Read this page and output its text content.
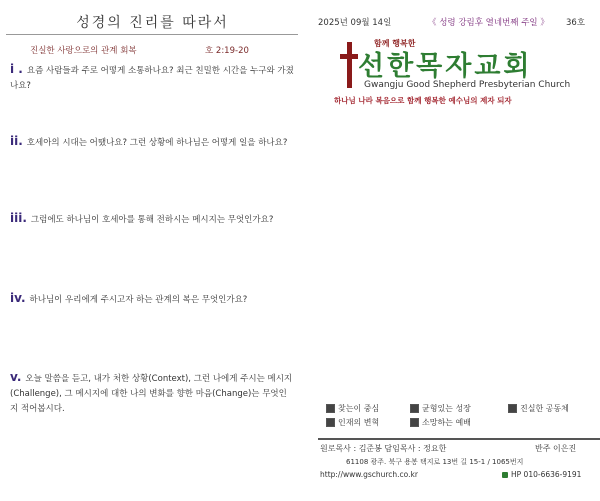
성경의 진리를 따라서
진실한 사랑으로의 관계 회복	호 2:19-20
i . 요즘 사람들과 주로 어떻게 소통하나요? 최근 친밀한 시간을 누구와 가졌나요?
ii. 호세아의 시대는 어땠나요? 그런 상황에 하나님은 어떻게 일을 하나요?
iii. 그럼에도 하나님이 호세아를 통해 전하시는 메시지는 무엇인가요?
iv. 하나님이 우리에게 주시고자 하는 관계의 복은 무엇인가요?
v. 오늘 말씀을 듣고, 내가 처한 상황(Context), 그런 나에게 주시는 메시지(Challenge), 그 메시지에 대한 나의 변화를 향한 마음(Change)는 무엇인지 적어봅시다.
2025년 09월 14일	《 성령 강림후 열네번째 주일 》 36호
함께 행복한
선한목자교회
Gwangju Good Shepherd Presbyterian Church
하나님 나라 복음으로 함께 행복한 예수님의 제자 되자
찾는이 중심	균형있는 성장	진실한 공동체
인재의 변혁	소망하는 예배
원로목사 : 김준봉 담임목사 : 정요한	반주 이은진
61108 광주. 북구 용봉 택지로 13번 길 15-1 / 1065번지
http://www.gschurch.co.kr	HP 010-6636-9191
